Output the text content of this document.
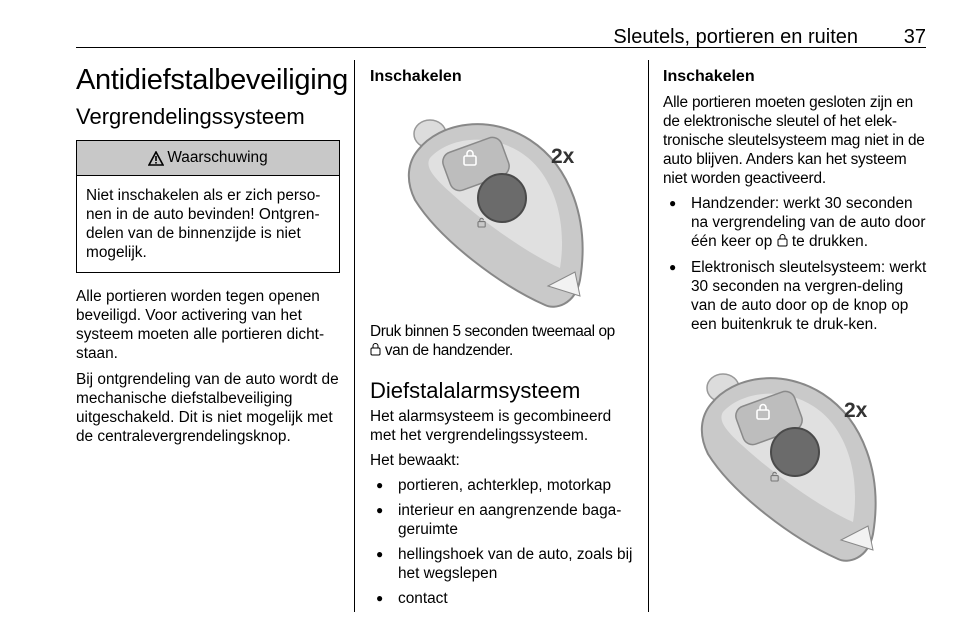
Sleutels, portieren en ruiten 37
Antidiefstalbeveiliging
Vergrendelingssysteem
Waarschuwing

Niet inschakelen als er zich perso-nen in de auto bevinden! Ontgren-delen van de binnenzijde is niet mogelijk.

Alle portieren worden tegen openen beveiligd. Voor activering van het systeem moeten alle portieren dicht-staan.

Bij ontgrendeling van de auto wordt de mechanische diefstalbeveiliging uitgeschakeld. Dit is niet mogelijk met de centralevergrendelingsknop.

Inschakelen
2x

Druk binnen 5 seconden tweemaal op
van de handzender.

Diefstalalarmsysteem

Het alarmsysteem is gecombineerd met het vergrendelingssysteem.

Het bewaakt:

● portieren, achterklep, motorkap
● interieur en aangrenzende baga-geruimte
● hellingshoek van de auto, zoals bij het wegslepen
● contact
Inschakelen

Alle portieren moeten gesloten zijn en de elektronische sleutel of het elek-tronische sleutelsysteem mag niet in de auto blijven. Anders kan het systeem niet worden geactiveerd.

● Handzender: werkt 30 seconden na vergrendeling van de auto door één keer op te drukken.
● Elektronisch sleutelsysteem: werkt 30 seconden na vergren-deling van de auto door op de knop op een buitenkruk te druk-ken.
2x
